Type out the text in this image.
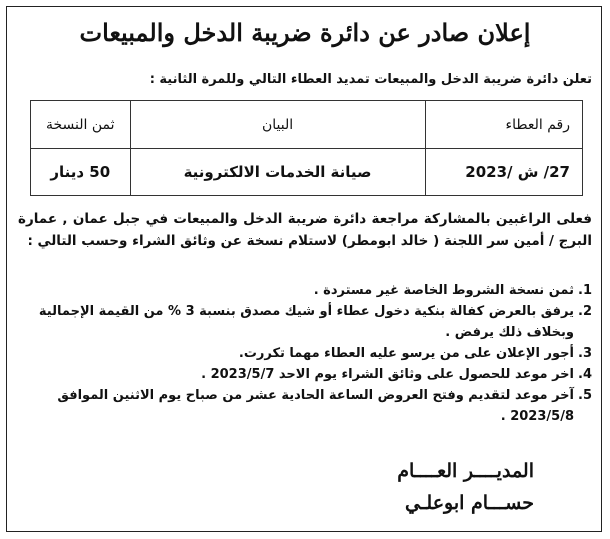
إعلان صادر عن دائرة ضريبة الدخل والمبيعات
تعلن دائرة ضريبة الدخل والمبيعات تمديد العطاء التالي وللمرة الثانية :
رقم العطاء	البيان	ثمن النسخة
27/ ش /2023	صيانة الخدمات الالكترونية	50 دينار
فعلى الراغبين بالمشاركة مراجعة دائرة ضريبة الدخل والمبيعات في جبل عمان , عمارة البرج / أمين سر اللجنة ( خالد ابومطر) لاستلام نسخة عن وثائق الشراء وحسب التالي :
1.
ثمن نسخة الشروط الخاصة غير مستردة .
2.
يرفق بالعرض كفالة بنكية دخول عطاء أو شيك مصدق بنسبة 3 % من القيمة الإجمالية وبخلاف ذلك يرفض .
3.
أجور الإعلان على من يرسو عليه العطاء مهما تكررت.
4.
اخر موعد للحصول على وثائق الشراء يوم الاحد 2023/5/7 .
5.
آخر موعد لتقديم وفتح العروض الساعة الحادية عشر من صباح يوم الاثنين الموافق 2023/5/8 .
المديــــر العــــام
حســـام ابوعلـي
